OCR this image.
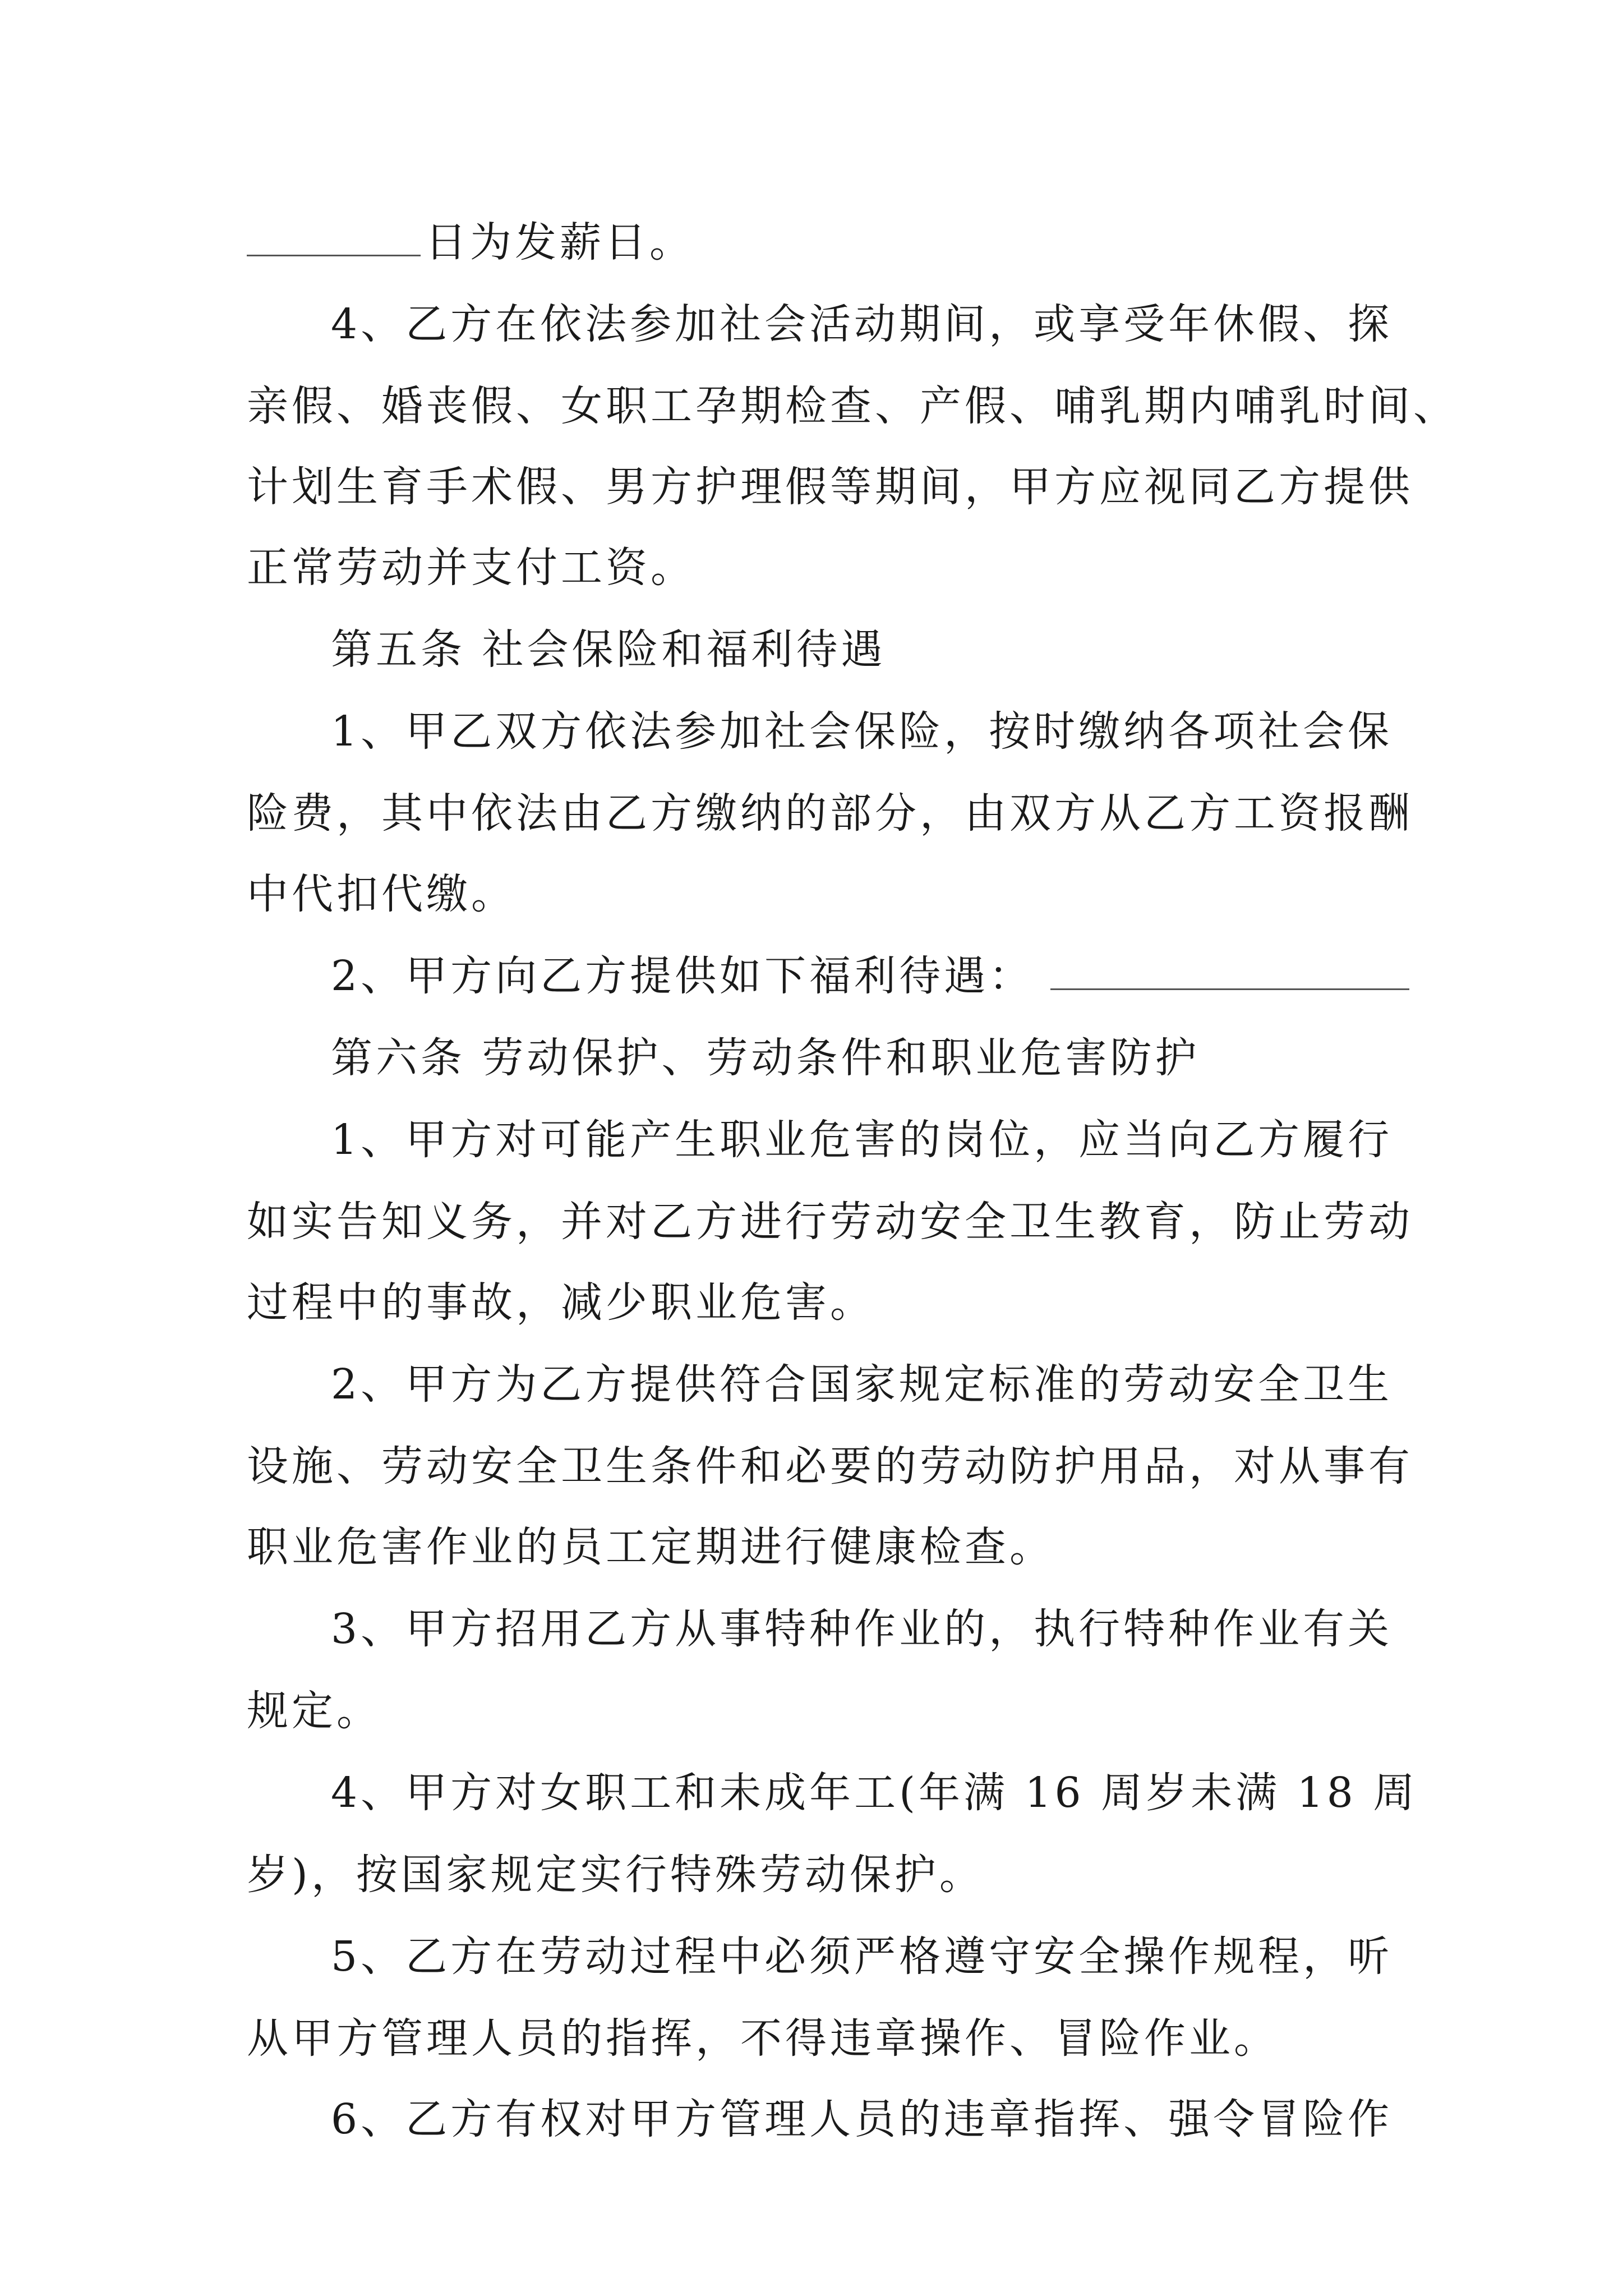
日为发薪日。
4、乙方在依法参加社会活动期间，或享受年休假、探
亲假、婚丧假、女职工孕期检查、产假、哺乳期内哺乳时间、
计划生育手术假、男方护理假等期间，甲方应视同乙方提供
正常劳动并支付工资。
第五条 社会保险和福利待遇
1、甲乙双方依法参加社会保险，按时缴纳各项社会保
险费，其中依法由乙方缴纳的部分，由双方从乙方工资报酬
中代扣代缴。
2、甲方向乙方提供如下福利待遇：
第六条 劳动保护、劳动条件和职业危害防护
1、甲方对可能产生职业危害的岗位，应当向乙方履行
如实告知义务，并对乙方进行劳动安全卫生教育，防止劳动
过程中的事故，减少职业危害。
2、甲方为乙方提供符合国家规定标准的劳动安全卫生
设施、劳动安全卫生条件和必要的劳动防护用品，对从事有
职业危害作业的员工定期进行健康检查。
3、甲方招用乙方从事特种作业的，执行特种作业有关
规定。
4、甲方对女职工和未成年工(年满 16 周岁未满 18 周
岁)，按国家规定实行特殊劳动保护。
5、乙方在劳动过程中必须严格遵守安全操作规程，听
从甲方管理人员的指挥，不得违章操作、冒险作业。
6、乙方有权对甲方管理人员的违章指挥、强令冒险作
